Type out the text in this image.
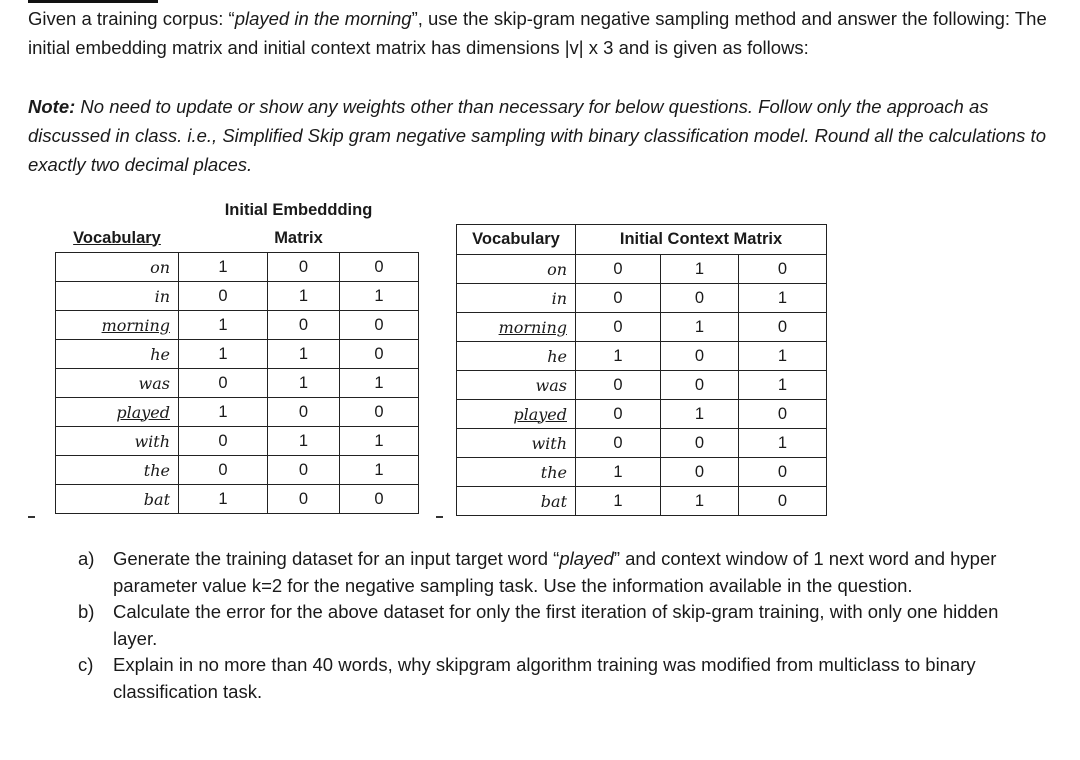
Given a training corpus: “played in the morning”, use the skip-gram negative sampling method and answer the following: The initial embedding matrix and initial context matrix has dimensions |v| x 3 and is given as follows:

Note: No need to update or show any weights other than necessary for below questions. Follow only the approach as discussed in class. i.e., Simplified Skip gram negative sampling with binary classification model. Round all the calculations to exactly two decimal places.

	Initial Embeddding		
Vocabulary	Matrix		
on	1	0	0
in	0	1	1
morning	1	0	0
he	1	1	0
was	0	1	1
played	1	0	0
with	0	1	1
the	0	0	1
bat	1	0	0
Vocabulary	Initial Context Matrix		
on	0	1	0
in	0	0	1
morning	0	1	0
he	1	0	1
was	0	0	1
played	0	1	0
with	0	0	1
the	1	0	0
bat	1	1	0
a) Generate the training dataset for an input target word “played” and context window of 1 next word and hyper parameter value k=2 for the negative sampling task. Use the information available in the question.
b) Calculate the error for the above dataset for only the first iteration of skip-gram training, with only one hidden layer.
c) Explain in no more than 40 words, why skipgram algorithm training was modified from multiclass to binary classification task.
